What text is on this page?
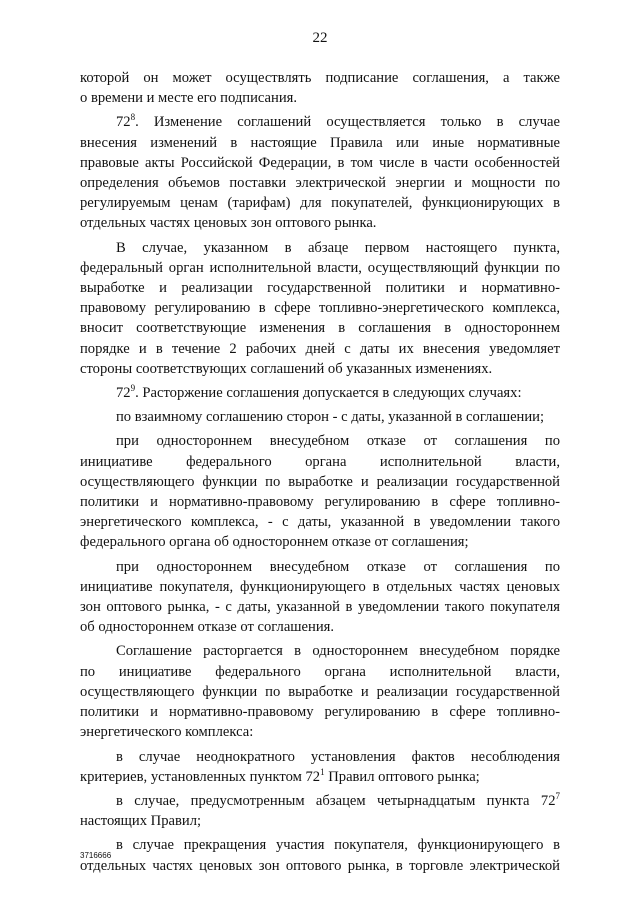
22
которой он может осуществлять подписание соглашения, а также
о времени и месте его подписания.
$72^8$. Изменение соглашений осуществляется только в случае
внесения изменений в настоящие Правила или иные нормативные
правовые акты Российской Федерации, в том числе в части особенностей
определения объемов поставки электрической энергии и мощности по
регулируемым ценам (тарифам) для покупателей, функционирующих в
отдельных частях ценовых зон оптового рынка.
В случае, указанном в абзаце первом настоящего пункта,
федеральный орган исполнительной власти, осуществляющий функции по
выработке и реализации государственной политики и нормативно-
правовому регулированию в сфере топливно-энергетического комплекса,
вносит соответствующие изменения в соглашения в одностороннем
порядке и в течение 2 рабочих дней с даты их внесения уведомляет
стороны соответствующих соглашений об указанных изменениях.
$72^9$. Расторжение соглашения допускается в следующих случаях:
по взаимному соглашению сторон - с даты, указанной в соглашении;
при одностороннем внесудебном отказе от соглашения по
инициативе федерального органа исполнительной власти,
осуществляющего функции по выработке и реализации государственной
политики и нормативно-правовому регулированию в сфере топливно-
энергетического комплекса, - с даты, указанной в уведомлении такого
федерального органа об одностороннем отказе от соглашения;
при одностороннем внесудебном отказе от соглашения по
инициативе покупателя, функционирующего в отдельных частях ценовых
зон оптового рынка, - с даты, указанной в уведомлении такого покупателя
об одностороннем отказе от соглашения.
Соглашение расторгается в одностороннем внесудебном порядке
по инициативе федерального органа исполнительной власти,
осуществляющего функции по выработке и реализации государственной
политики и нормативно-правовому регулированию в сфере топливно-
энергетического комплекса:
в случае неоднократного установления фактов несоблюдения
критериев, установленных пунктом $72^1$ Правил оптового рынка;
в случае, предусмотренным абзацем четырнадцатым пункта $72^7$
настоящих Правил;
в случае прекращения участия покупателя, функционирующего в
отдельных частях ценовых зон оптового рынка, в торговле электрической
3716666
